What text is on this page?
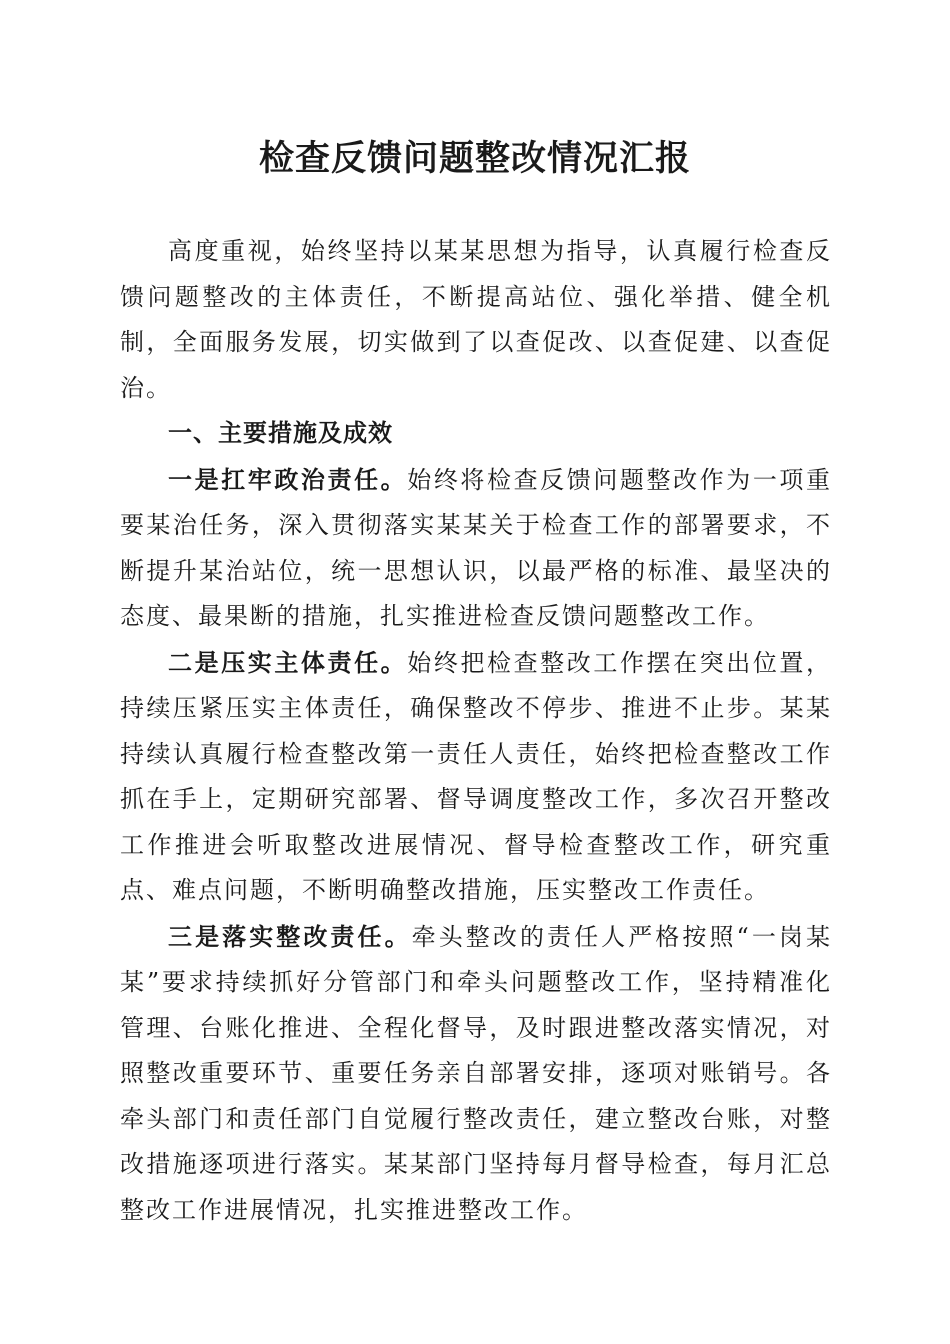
检查反馈问题整改情况汇报

高度重视，始终坚持以某某思想为指导，认真履行检查反馈问题整改的主体责任，不断提高站位、强化举措、健全机制，全面服务发展，切实做到了以查促改、以查促建、以查促治。

一、主要措施及成效

一是扛牢政治责任。始终将检查反馈问题整改作为一项重要某治任务，深入贯彻落实某某关于检查工作的部署要求，不断提升某治站位，统一思想认识，以最严格的标准、最坚决的态度、最果断的措施，扎实推进检查反馈问题整改工作。

二是压实主体责任。始终把检查整改工作摆在突出位置，持续压紧压实主体责任，确保整改不停步、推进不止步。某某持续认真履行检查整改第一责任人责任，始终把检查整改工作抓在手上，定期研究部署、督导调度整改工作，多次召开整改工作推进会听取整改进展情况、督导检查整改工作，研究重点、难点问题，不断明确整改措施，压实整改工作责任。

三是落实整改责任。牵头整改的责任人严格按照“一岗某某”要求持续抓好分管部门和牵头问题整改工作，坚持精准化管理、台账化推进、全程化督导，及时跟进整改落实情况，对照整改重要环节、重要任务亲自部署安排，逐项对账销号。各牵头部门和责任部门自觉履行整改责任，建立整改台账，对整改措施逐项进行落实。某某部门坚持每月督导检查，每月汇总整改工作进展情况，扎实推进整改工作。
